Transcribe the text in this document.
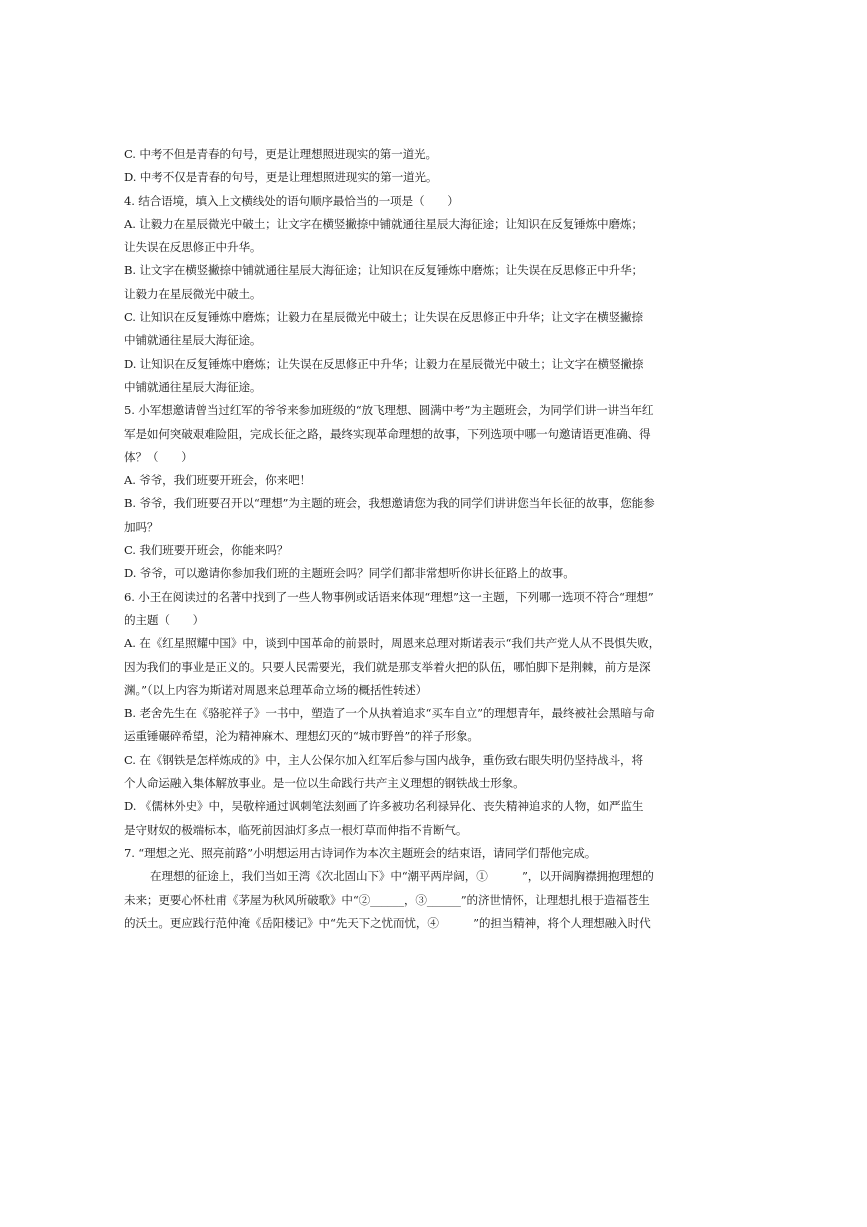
C. 中考不但是青春的句号，更是让理想照进现实的第一道光。
D. 中考不仅是青春的句号，更是让理想照进现实的第一道光。
4. 结合语境，填入上文横线处的语句顺序最恰当的一项是（　　）
A. 让毅力在星辰微光中破土；让文字在横竖撇捺中铺就通往星辰大海征途；让知识在反复锤炼中磨炼；
让失误在反思修正中升华。
B. 让文字在横竖撇捺中铺就通往星辰大海征途；让知识在反复锤炼中磨炼；让失误在反思修正中升华；
让毅力在星辰微光中破土。
C. 让知识在反复锤炼中磨炼；让毅力在星辰微光中破土；让失误在反思修正中升华；让文字在横竖撇捺
中铺就通往星辰大海征途。
D. 让知识在反复锤炼中磨炼；让失误在反思修正中升华；让毅力在星辰微光中破土；让文字在横竖撇捺
中铺就通往星辰大海征途。
5. 小军想邀请曾当过红军的爷爷来参加班级的“放飞理想、圆满中考”为主题班会，为同学们讲一讲当年红
军是如何突破艰难险阻，完成长征之路，最终实现革命理想的故事，下列选项中哪一句邀请语更准确、得
体？（　　）
A. 爷爷，我们班要开班会，你来吧！
B. 爷爷，我们班要召开以“理想”为主题的班会，我想邀请您为我的同学们讲讲您当年长征的故事，您能参
加吗？
C. 我们班要开班会，你能来吗？
D. 爷爷，可以邀请你参加我们班的主题班会吗？同学们都非常想听你讲长征路上的故事。
6. 小王在阅读过的名著中找到了一些人物事例或话语来体现“理想”这一主题，下列哪一选项不符合“理想”
的主题（　　）
A. 在《红星照耀中国》中，谈到中国革命的前景时，周恩来总理对斯诺表示“我们共产党人从不畏惧失败，
因为我们的事业是正义的。只要人民需要光，我们就是那支举着火把的队伍，哪怕脚下是荆棘，前方是深
渊。”（以上内容为斯诺对周恩来总理革命立场的概括性转述）
B. 老舍先生在《骆驼祥子》一书中，塑造了一个从执着追求“买车自立”的理想青年，最终被社会黑暗与命
运重锤碾碎希望，沦为精神麻木、理想幻灭的“城市野兽”的祥子形象。
C. 在《钢铁是怎样炼成的》中，主人公保尔加入红军后参与国内战争，重伤致右眼失明仍坚持战斗，将
个人命运融入集体解放事业。是一位以生命践行共产主义理想的钢铁战士形象。
D. 《儒林外史》中，吴敬梓通过讽刺笔法刻画了许多被功名利禄异化、丧失精神追求的人物，如严监生
是守财奴的极端标本，临死前因油灯多点一根灯草而伸指不肯断气。
7. “理想之光、照亮前路”小明想运用古诗词作为本次主题班会的结束语，请同学们帮他完成。
在理想的征途上，我们当如王湾《次北固山下》中“潮平两岸阔，①　　　”，以开阔胸襟拥抱理想的
未来；更要心怀杜甫《茅屋为秋风所破歌》中“②______，③______”的济世情怀，让理想扎根于造福苍生
的沃土。更应践行范仲淹《岳阳楼记》中“先天下之忧而忧，④　　　”的担当精神，将个人理想融入时代
